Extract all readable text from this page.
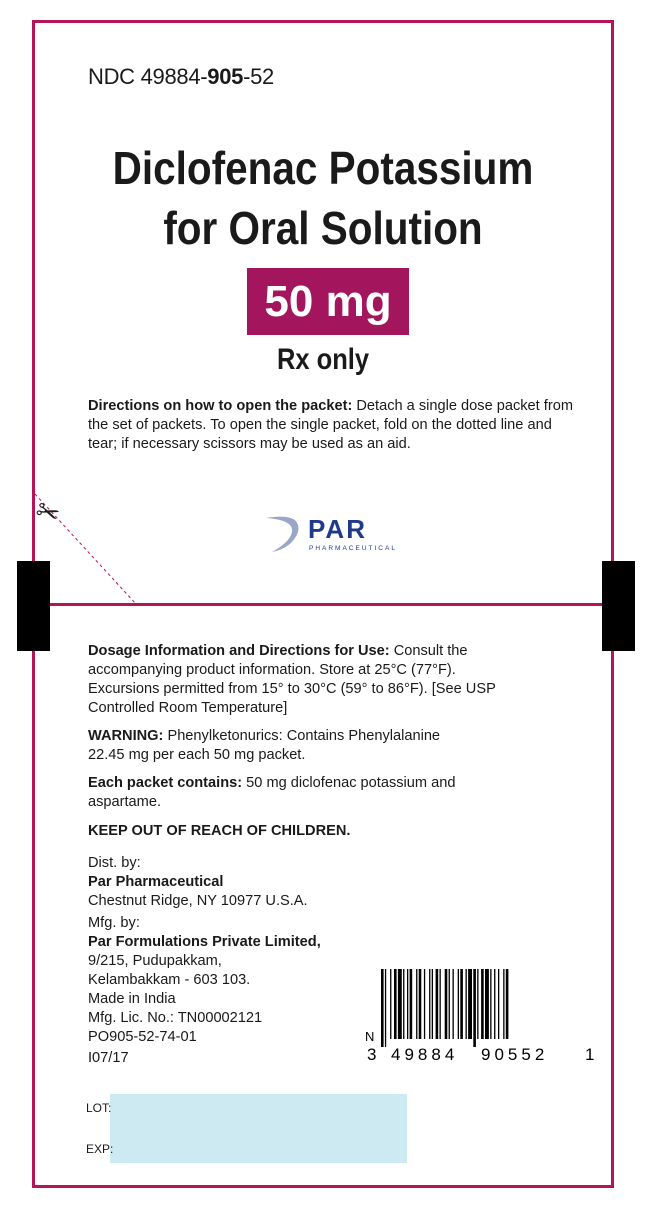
NDC 49884-905-52
Diclofenac Potassium
for Oral Solution
50 mg
Rx only
Directions on how to open the packet: Detach a single dose packet from the set of packets. To open the single packet, fold on the dotted line and tear; if necessary scissors may be used as an aid.
✂	PAR
PHARMACEUTICAL
Dosage Information and Directions for Use: Consult the accompanying product information. Store at 25°C (77°F). Excursions permitted from 15° to 30°C (59° to 86°F). [See USP Controlled Room Temperature]
WARNING: Phenylketonurics: Contains Phenylalanine 22.45 mg per each 50 mg packet.
Each packet contains: 50 mg diclofenac potassium and aspartame.
KEEP OUT OF REACH OF CHILDREN.
Dist. by:
Par Pharmaceutical
Chestnut Ridge, NY 10977 U.S.A.
Mfg. by:
Par Formulations Private Limited,
9/215, Pudupakkam,
Kelambakkam - 603 103.
Made in India
Mfg. Lic. No.: TN00002121
PO905-52-74-01
I07/17
N
3 49884 90552 1
LOT:
EXP:
